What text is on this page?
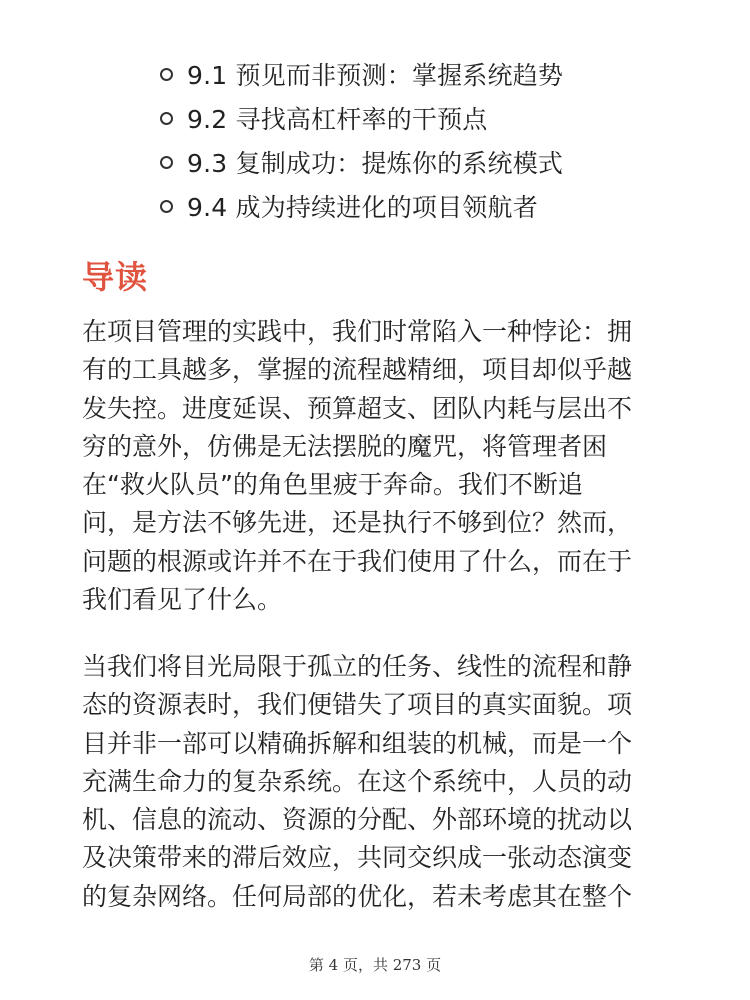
9.1 预见而非预测：掌握系统趋势
9.2 寻找高杠杆率的干预点
9.3 复制成功：提炼你的系统模式
9.4 成为持续进化的项目领航者
导读

在项目管理的实践中，我们时常陷入一种悖论：拥
有的工具越多，掌握的流程越精细，项目却似乎越
发失控。进度延误、预算超支、团队内耗与层出不
穷的意外，仿佛是无法摆脱的魔咒，将管理者困
在“救火队员”的角色里疲于奔命。我们不断追
问，是方法不够先进，还是执行不够到位？然而，
问题的根源或许并不在于我们使用了什么，而在于
我们看见了什么。

当我们将目光局限于孤立的任务、线性的流程和静
态的资源表时，我们便错失了项目的真实面貌。项
目并非一部可以精确拆解和组装的机械，而是一个
充满生命力的复杂系统。在这个系统中，人员的动
机、信息的流动、资源的分配、外部环境的扰动以
及决策带来的滞后效应，共同交织成一张动态演变
的复杂网络。任何局部的优化，若未考虑其在整个

第 4 页，共 273 页
